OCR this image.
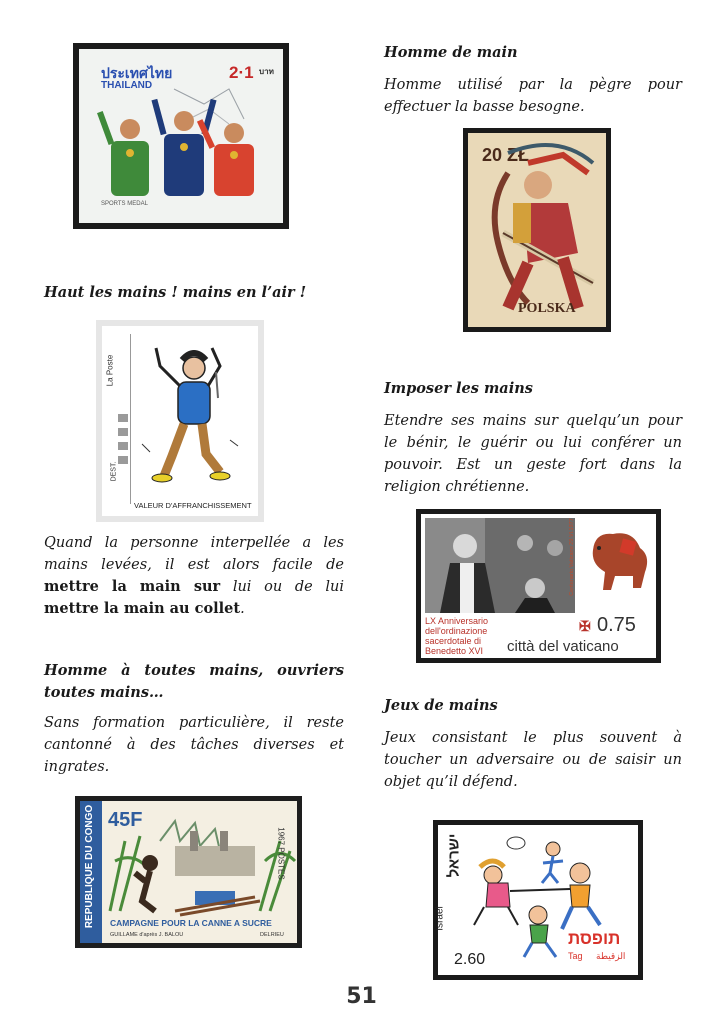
ประเทศไทย
THAILAND
2·1 บาท
SPORTS MEDAL
Haut les mains ! mains en l’air !
La Poste
DEST.
VALEUR D'AFFRANCHISSEMENT
Quand la personne interpellée a les mains levées, il est alors facile de mettre la main sur lui ou de lui mettre la main au collet.
Homme à toutes mains, ouvriers toutes mains…
Sans formation particulière, il reste cantonné à des tâches diverses et ingrates.
REPUBLIQUE DU CONGO 45F
1967 POSTES
CAMPAGNE POUR LA CANNE A SUCRE
GUILLAME d'après J. BALOU	DELRIEU
Homme de main
Homme utilisé par la pègre pour effectuer la basse besogne.
20 ZŁ
POLSKA
Imposer les mains
Etendre ses mains sur quelqu’un pour le bénir, le guérir ou lui conférer un pouvoir. Est un geste fort dans la religion chrétienne.
Centenario Vaticano 29.VI.1977
LX Anniversario
dell'ordinazione
sacerdotale di
Benedetto XVI
✠ 0.75
città del vaticano
Jeux de mains
Jeux consistant le plus souvent à toucher un adversaire ou de saisir un objet qu’il défend.
ישראל
Israel
2.60
תופסת
Tag الزقيطة
51
